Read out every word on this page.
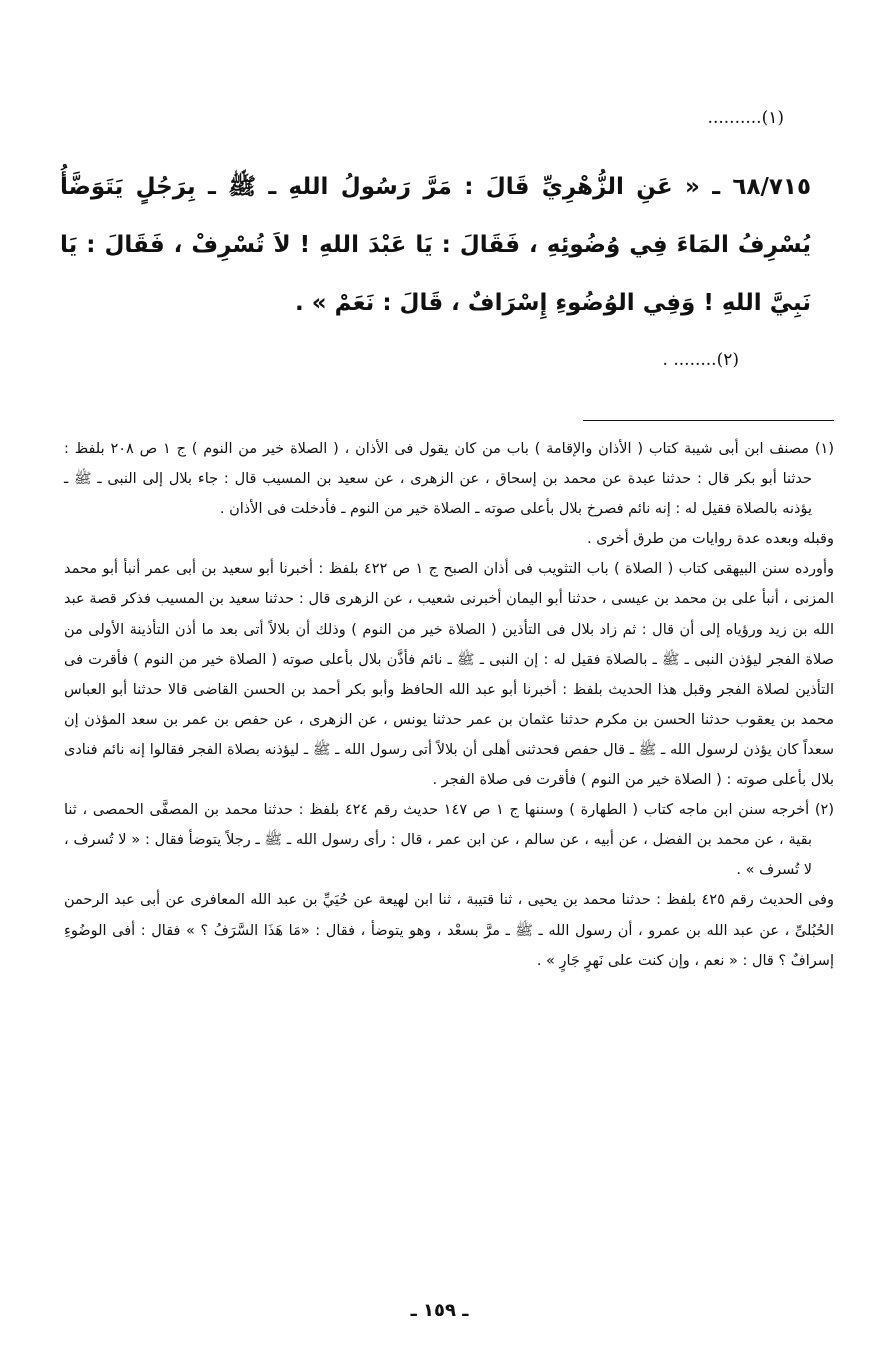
(١)..........
٦٨/٧١٥ ـ « عَنِ الزُّهْرِيِّ قَالَ : مَرَّ رَسُولُ اللهِ ـ ﷺ ـ بِرَجُلٍ يَتَوَضَّأُ يُسْرِفُ المَاءَ فِي وُضُوئِهِ ، فَقَالَ : يَا عَبْدَ اللهِ ! لاَ تُسْرِفْ ، فَقَالَ : يَا نَبِيَّ اللهِ ! وَفِي الوُضُوءِ إِسْرَافٌ ، قَالَ : نَعَمْ » .
(٢)........ .

(١) مصنف ابن أبى شيبة كتاب ( الأذان والإقامة ) باب من كان يقول فى الأذان ، ( الصلاة خير من النوم ) ج ١ ص ٢٠٨ بلفظ : حدثنا أبو بكر قال : حدثنا عبدة عن محمد بن إسحاق ، عن الزهرى ، عن سعيد بن المسيب قال : جاء بلال إلى النبى ـ ﷺ ـ يؤذنه بالصلاة فقيل له : إنه نائم فصرخ بلال بأعلى صوته ـ الصلاة خير من النوم ـ فأدخلت فى الأذان .

وقبله وبعده عدة روايات من طرق أخرى .

وأورده سنن البيهقى كتاب ( الصلاة ) باب التثويب فى أذان الصبح ج ١ ص ٤٢٢ بلفظ : أخبرنا أبو سعيد بن أبى عمر أنبأ أبو محمد المزنى ، أنبأ على بن محمد بن عيسى ، حدثنا أبو اليمان أخبرنى شعيب ، عن الزهرى قال : حدثنا سعيد بن المسيب فذكر قصة عبد الله بن زيد ورؤياه إلى أن قال : ثم زاد بلال فى التأذين ( الصلاة خير من النوم ) وذلك أن بلالاً أتى بعد ما أذن التأذينة الأولى من صلاة الفجر ليؤذن النبى ـ ﷺ ـ بالصلاة فقيل له : إن النبى ـ ﷺ ـ نائم فأذَّن بلال بأعلى صوته ( الصلاة خير من النوم ) فأقرت فى التأذين لصلاة الفجر وقبل هذا الحديث بلفظ : أخبرنا أبو عبد الله الحافظ وأبو بكر أحمد بن الحسن القاضى قالا حدثنا أبو العباس محمد بن يعقوب حدثنا الحسن بن مكرم حدثنا عثمان بن عمر حدثنا يونس ، عن الزهرى ، عن حفص بن عمر بن سعد المؤذن إن سعداً كان يؤذن لرسول الله ـ ﷺ ـ قال حفص فحدثنى أهلى أن بلالاً أتى رسول الله ـ ﷺ ـ ليؤذنه بصلاة الفجر فقالوا إنه نائم فنادى بلال بأعلى صوته : ( الصلاة خير من النوم ) فأقرت فى صلاة الفجر .

(٢) أخرجه سنن ابن ماجه كتاب ( الطهارة ) وسننها ج ١ ص ١٤٧ حديث رقم ٤٢٤ بلفظ : حدثنا محمد بن المصفَّى الحمصى ، ثنا بقية ، عن محمد بن الفضل ، عن أبيه ، عن سالم ، عن ابن عمر ، قال : رأى رسول الله ـ ﷺ ـ رجلاً يتوضأ فقال : « لا تُسرف ، لا تُسرف » .

وفى الحديث رقم ٤٢٥ بلفظ : حدثنا محمد بن يحيى ، ثنا قتيبة ، ثنا ابن لهيعة عن حُيَيِّ بن عبد الله المعافرى عن أبى عبد الرحمن الحُبُلىِّ ، عن عبد الله بن عمرو ، أن رسول الله ـ ﷺ ـ مرَّ بسعْد ، وهو يتوضأ ، فقال : «مَا هَذَا السَّرَفُ ؟ » فقال : أفى الوضُوءِ إسرافٌ ؟ قال : « نعم ، وإن كنت على نَهرٍ جَارٍ » .

ـ ١٥٩ ـ
